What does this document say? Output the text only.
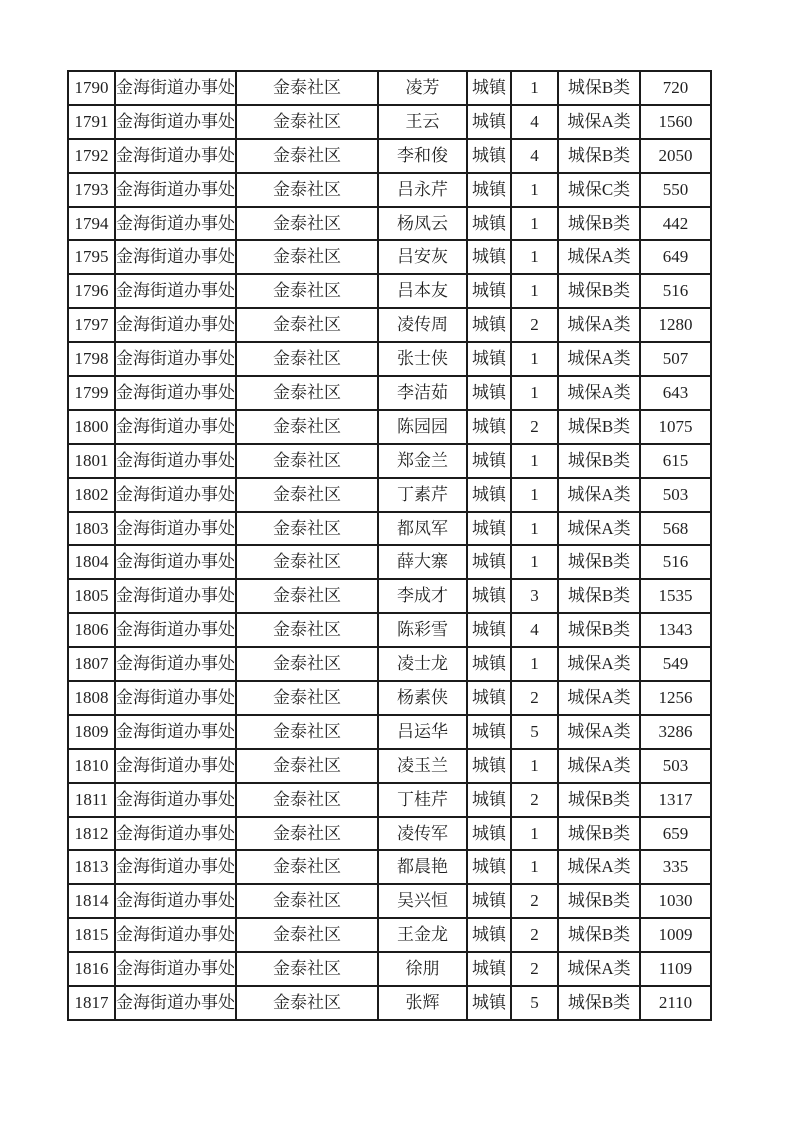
1790	金海街道办事处	金泰社区	凌芳	城镇	1	城保B类	720

1791	金海街道办事处	金泰社区	王云	城镇	4	城保A类	1560

1792	金海街道办事处	金泰社区	李和俊	城镇	4	城保B类	2050

1793	金海街道办事处	金泰社区	吕永芹	城镇	1	城保C类	550

1794	金海街道办事处	金泰社区	杨凤云	城镇	1	城保B类	442

1795	金海街道办事处	金泰社区	吕安灰	城镇	1	城保A类	649

1796	金海街道办事处	金泰社区	吕本友	城镇	1	城保B类	516

1797	金海街道办事处	金泰社区	凌传周	城镇	2	城保A类	1280

1798	金海街道办事处	金泰社区	张士侠	城镇	1	城保A类	507

1799	金海街道办事处	金泰社区	李洁茹	城镇	1	城保A类	643

1800	金海街道办事处	金泰社区	陈园园	城镇	2	城保B类	1075

1801	金海街道办事处	金泰社区	郑金兰	城镇	1	城保B类	615

1802	金海街道办事处	金泰社区	丁素芹	城镇	1	城保A类	503

1803	金海街道办事处	金泰社区	都凤军	城镇	1	城保A类	568

1804	金海街道办事处	金泰社区	薛大寨	城镇	1	城保B类	516

1805	金海街道办事处	金泰社区	李成才	城镇	3	城保B类	1535

1806	金海街道办事处	金泰社区	陈彩雪	城镇	4	城保B类	1343

1807	金海街道办事处	金泰社区	凌士龙	城镇	1	城保A类	549

1808	金海街道办事处	金泰社区	杨素侠	城镇	2	城保A类	1256

1809	金海街道办事处	金泰社区	吕运华	城镇	5	城保A类	3286

1810	金海街道办事处	金泰社区	凌玉兰	城镇	1	城保A类	503

1811	金海街道办事处	金泰社区	丁桂芹	城镇	2	城保B类	1317

1812	金海街道办事处	金泰社区	凌传军	城镇	1	城保B类	659

1813	金海街道办事处	金泰社区	都晨艳	城镇	1	城保A类	335

1814	金海街道办事处	金泰社区	吴兴恒	城镇	2	城保B类	1030

1815	金海街道办事处	金泰社区	王金龙	城镇	2	城保B类	1009

1816	金海街道办事处	金泰社区	徐朋	城镇	2	城保A类	1109

1817	金海街道办事处	金泰社区	张辉	城镇	5	城保B类	2110
